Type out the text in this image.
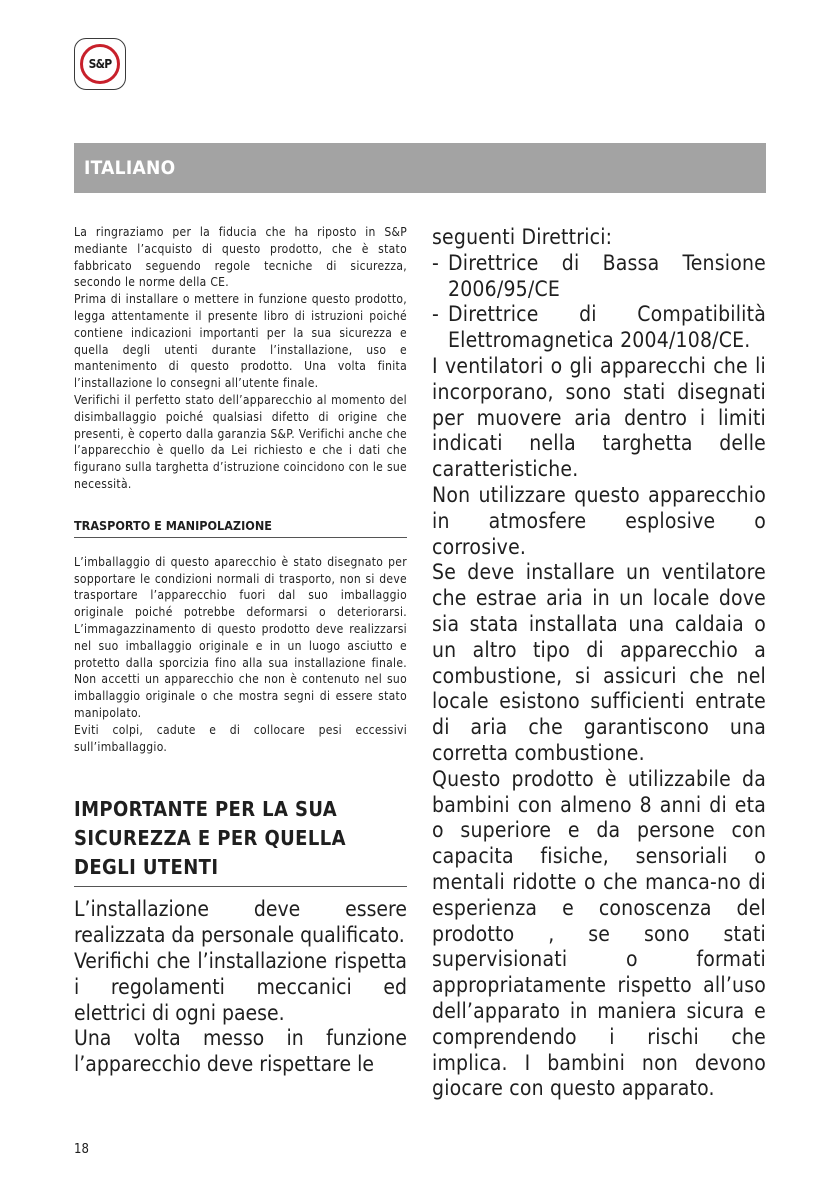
S&P
ITALIANO

La ringraziamo per la fiducia che ha riposto in S&P mediante l’acquisto di questo prodotto, che è stato fabbricato seguendo regole tecniche di sicurezza, secondo le norme della CE.

Prima di installare o mettere in funzione questo prodotto, legga attentamente il presente libro di istruzioni poiché contiene indicazioni importanti per la sua sicurezza e quella degli utenti durante l’installazione, uso e mantenimento di questo prodotto. Una volta finita l’installazione lo consegni all’utente finale.

Verifichi il perfetto stato dell’apparecchio al momento del disimballaggio poiché qualsiasi difetto di origine che presenti, è coperto dalla garanzia S&P. Verifichi anche che l’apparecchio è quello da Lei richiesto e che i dati che figurano sulla targhetta d’istruzione coincidono con le sue necessità.

TRASPORTO E MANIPOLAZIONE

L’imballaggio di questo aparecchio è stato disegnato per sopportare le condizioni normali di trasporto, non si deve trasportare l’apparecchio fuori dal suo imballaggio originale poiché potrebbe deformarsi o deteriorarsi. L’immagazzinamento di questo prodotto deve realizzarsi nel suo imballaggio originale e in un luogo asciutto e protetto dalla sporcizia fino alla sua installazione finale. Non accetti un apparecchio che non è contenuto nel suo imballaggio originale o che mostra segni di essere stato manipolato.

Eviti colpi, cadute e di collocare pesi eccessivi sull’imballaggio.

IMPORTANTE PER LA SUA SICUREZZA E PER QUELLA DEGLI UTENTI

L’installazione deve essere realizzata da personale qualificato.

Verifichi che l’installazione rispetta i regolamenti meccanici ed elettrici di ogni paese.

Una volta messo in funzione l’apparecchio deve rispettare le

seguenti Direttrici:

- Direttrice di Bassa Tensione 2006/95/CE
- Direttrice di Compatibilità Elettromagnetica 2004/108/CE.

I ventilatori o gli apparecchi che li incorporano, sono stati disegnati per muovere aria dentro i limiti indicati nella targhetta delle caratteristiche.

Non utilizzare questo apparecchio in atmosfere esplosive o corrosive.

Se deve installare un ventilatore che estrae aria in un locale dove sia stata installata una caldaia o un altro tipo di apparecchio a combustione, si assicuri che nel locale esistono sufficienti entrate di aria che garantiscono una corretta combustione.

Questo prodotto è utilizzabile da bambini con almeno 8 anni di eta o superiore e da persone con capacita fisiche, sensoriali o mentali ridotte o che manca-no di esperienza e conoscenza del prodotto , se sono stati supervisionati o formati appropriatamente rispetto all’uso dell’apparato in maniera sicura e comprendendo i rischi che implica. I bambini non devono giocare con questo apparato.

18
